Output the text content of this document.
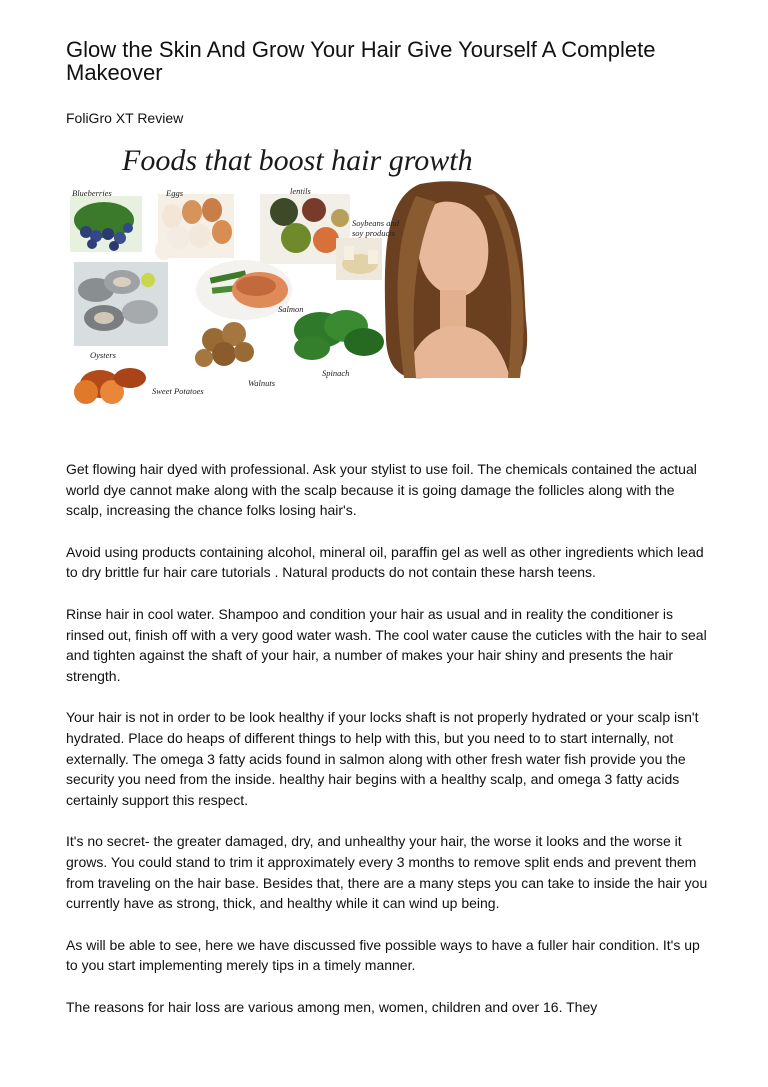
Glow the Skin And Grow Your Hair Give Yourself A Complete Makeover

FoliGro XT Review

Foods that boost hair growth
Blueberries	Eggs	lentils
Soybeans and soy products
Salmon
Oysters
Spinach
Walnuts
Sweet Potatoes

Get flowing hair dyed with professional. Ask your stylist to use foil. The chemicals contained the actual world dye cannot make along with the scalp because it is going damage the follicles along with the scalp, increasing the chance folks losing hair's.

Avoid using products containing alcohol, mineral oil, paraffin gel as well as other ingredients which lead to dry brittle fur hair care tutorials . Natural products do not contain these harsh teens.

Rinse hair in cool water. Shampoo and condition your hair as usual and in reality the conditioner is rinsed out, finish off with a very good water wash. The cool water cause the cuticles with the hair to seal and tighten against the shaft of your hair, a number of makes your hair shiny and presents the hair strength.

Your hair is not in order to be look healthy if your locks shaft is not properly hydrated or your scalp isn't hydrated. Place do heaps of different things to help with this, but you need to to start internally, not externally. The omega 3 fatty acids found in salmon along with other fresh water fish provide you the security you need from the inside. healthy hair begins with a healthy scalp, and omega 3 fatty acids certainly support this respect.

It's no secret- the greater damaged, dry, and unhealthy your hair, the worse it looks and the worse it grows. You could stand to trim it approximately every 3 months to remove split ends and prevent them from traveling on the hair base. Besides that, there are a many steps you can take to inside the hair you currently have as strong, thick, and healthy while it can wind up being.

As will be able to see, here we have discussed five possible ways to have a fuller hair condition. It's up to you start implementing merely tips in a timely manner.

The reasons for hair loss are various among men, women, children and over 16. They
